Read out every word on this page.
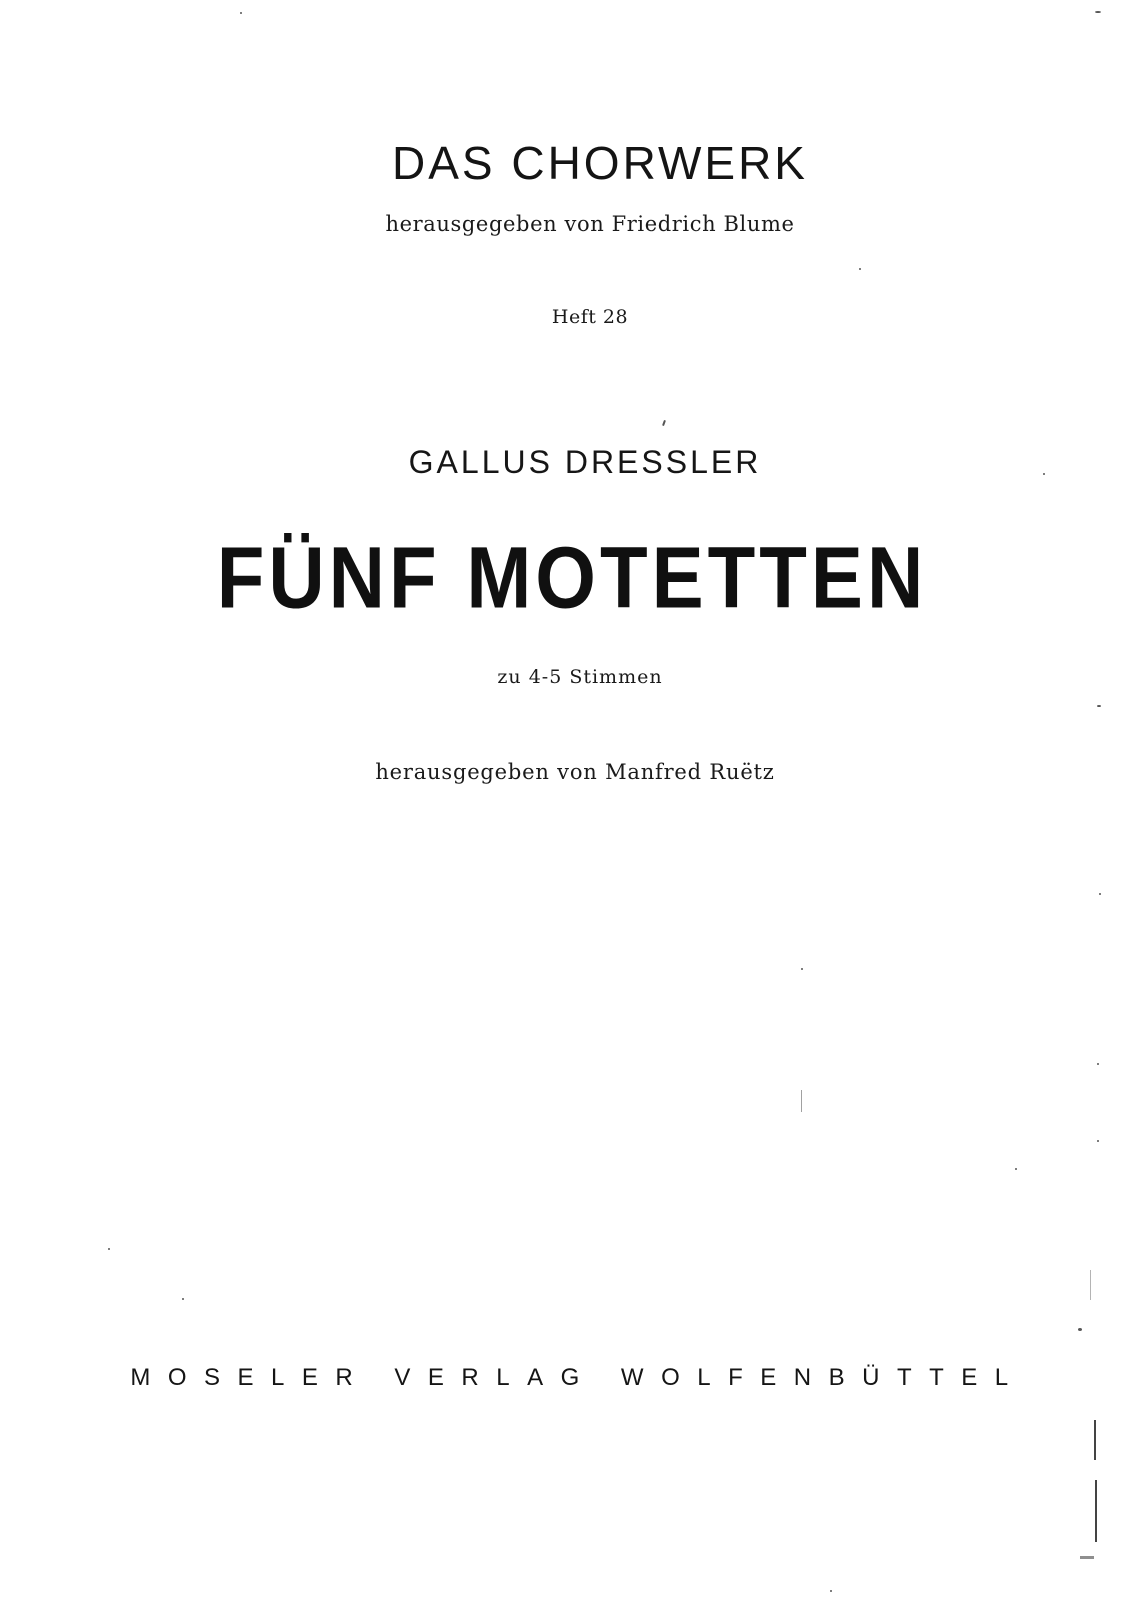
DAS CHORWERK
herausgegeben von Friedrich Blume
Heft 28
GALLUS DRESSLER
FÜNF MOTETTEN
zu 4-5 Stimmen
herausgegeben von Manfred Ruëtz
MOSELER VERLAG WOLFENBÜTTEL
